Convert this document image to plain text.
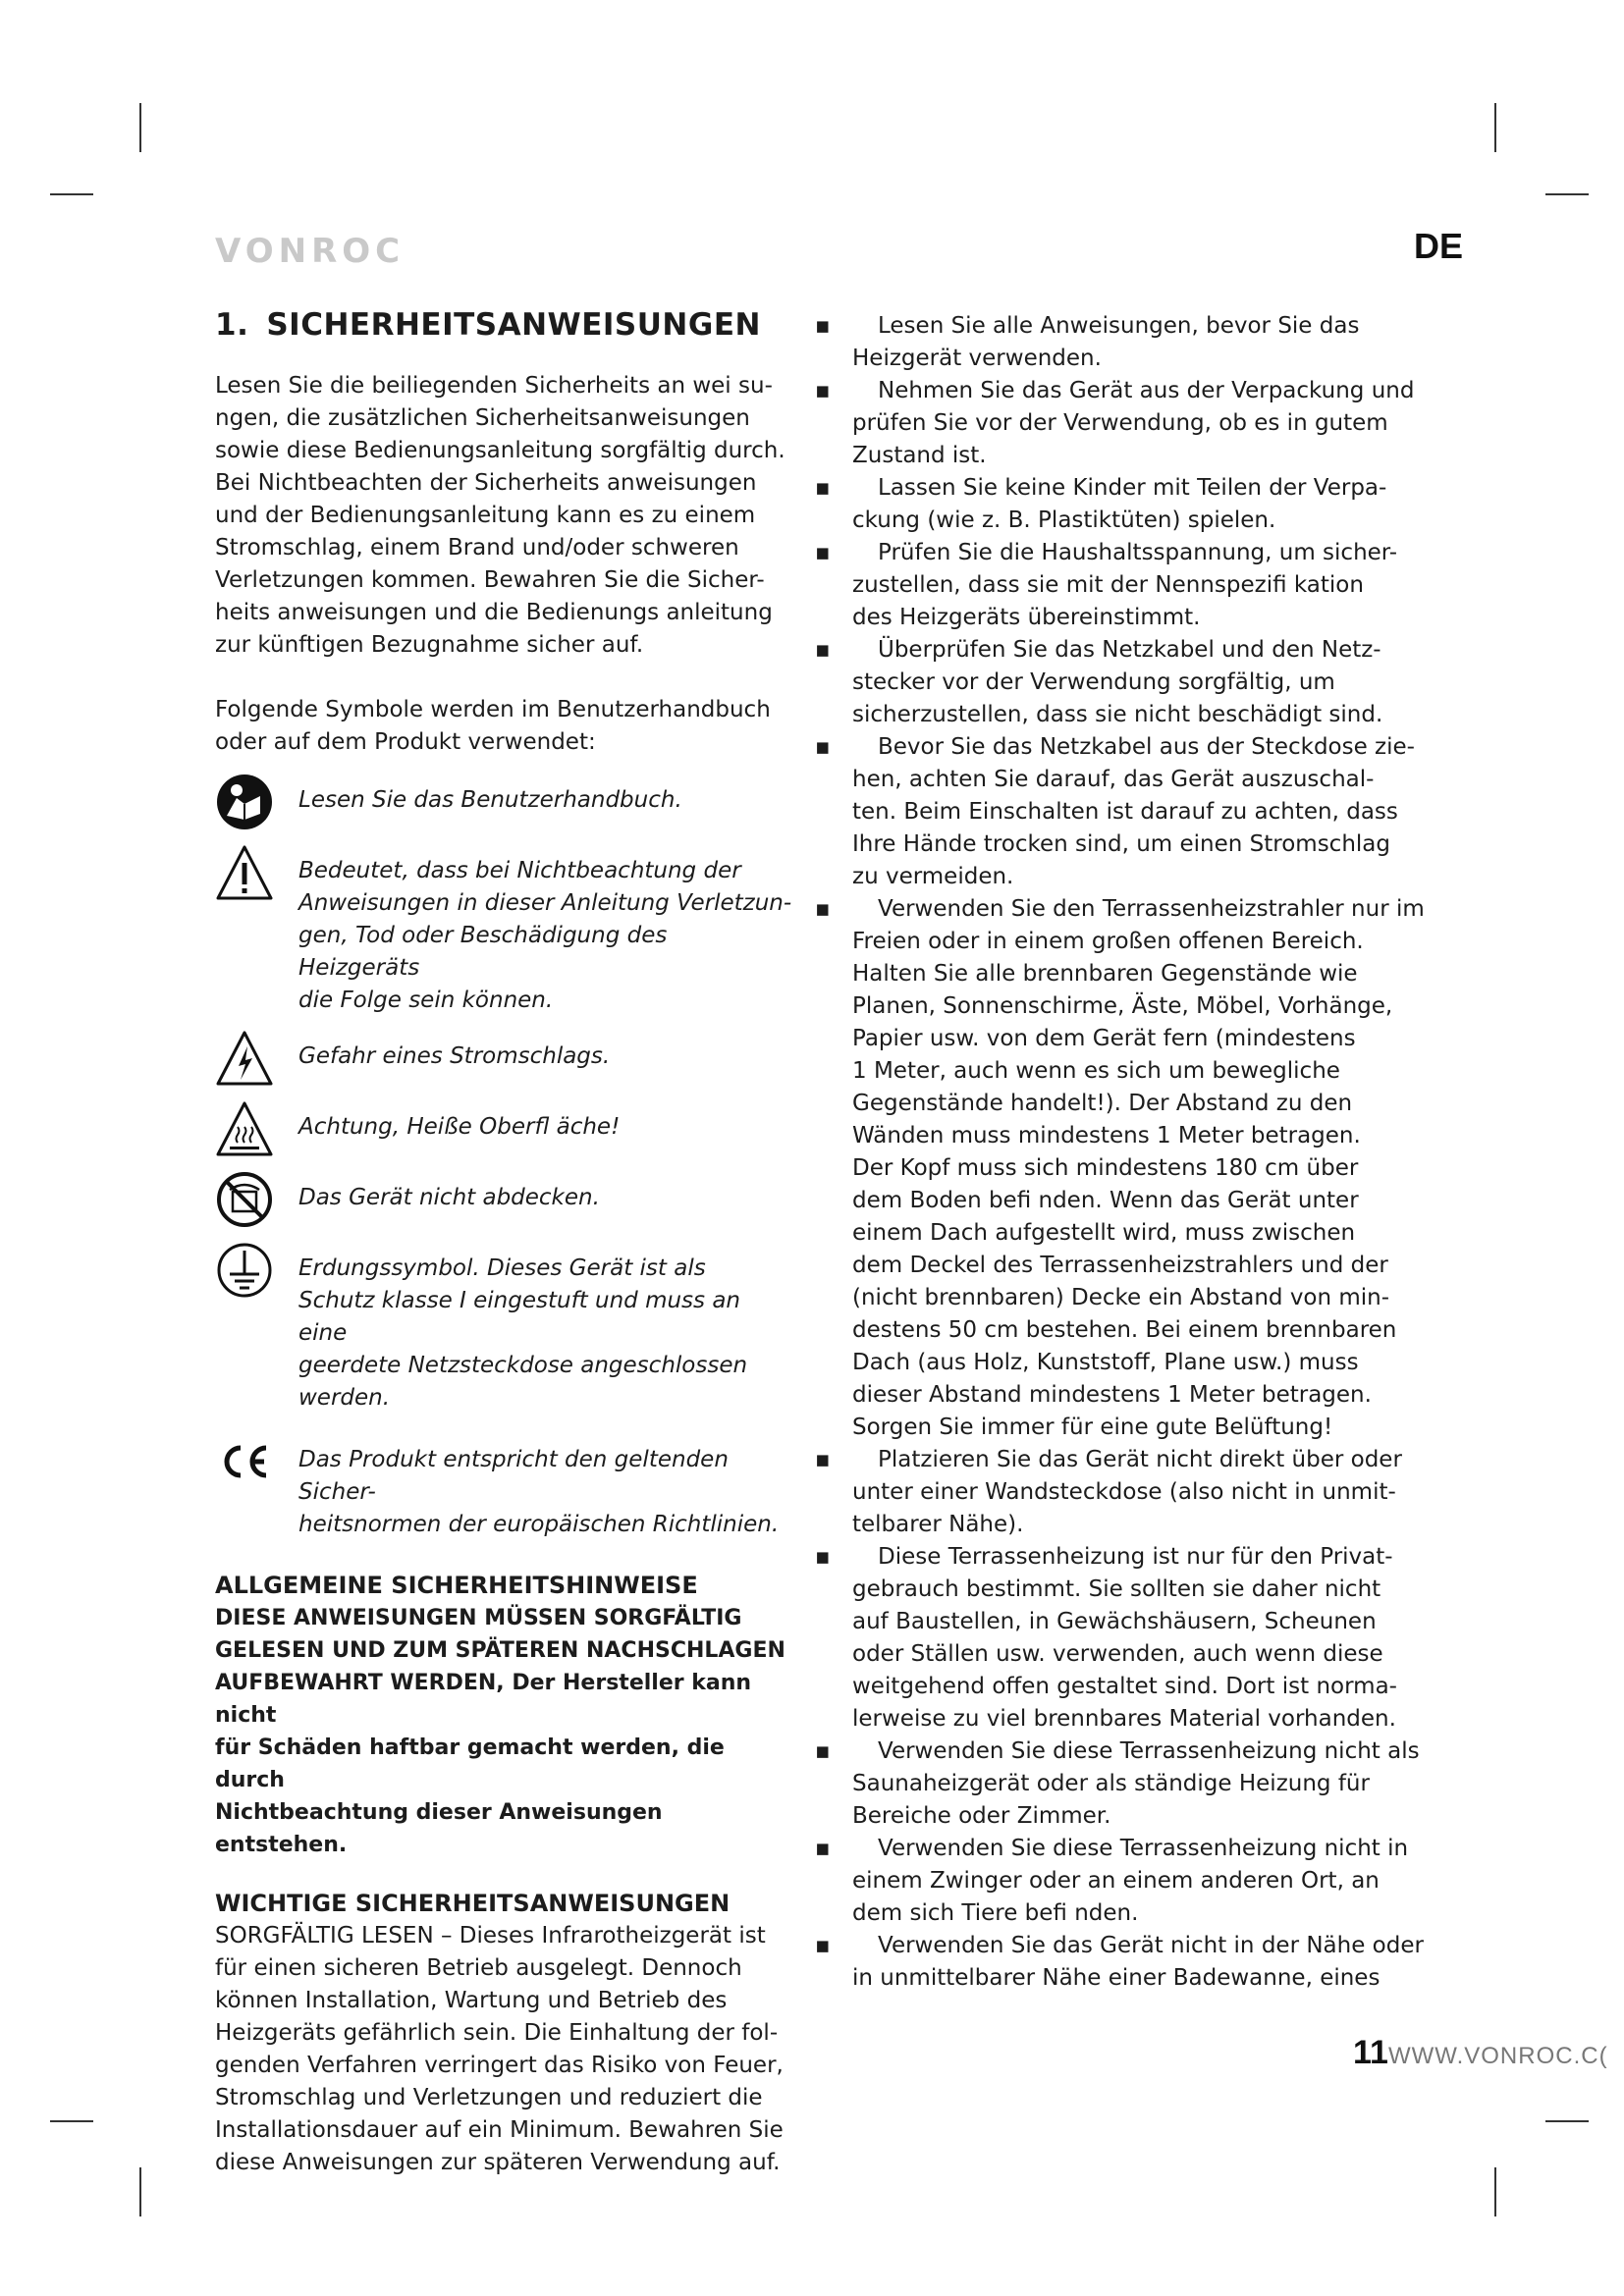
VONROC	DE
1. SICHERHEITSANWEISUNGEN

Lesen Sie die beiliegenden Sicherheits an wei su-

ngen, die zusätzlichen Sicherheitsanweisungen

sowie diese Bedienungsanleitung sorgfältig durch.

Bei Nichtbeachten der Sicherheits anweisungen

und der Bedienungsanleitung kann es zu einem

Stromschlag, einem Brand und/oder schweren

Verletzungen kommen. Bewahren Sie die Sicher-

heits anweisungen und die Bedienungs anleitung

zur künftigen Bezugnahme sicher auf.

Folgende Symbole werden im Benutzerhandbuch

oder auf dem Produkt verwendet:

Lesen Sie das Benutzerhandbuch.
Bedeutet, dass bei Nichtbeachtung der
Anweisungen in dieser Anleitung Verletzun-
gen, Tod oder Beschädigung des Heizgeräts
die Folge sein können.
Gefahr eines Stromschlags.
Achtung, Heiße Oberfl äche!
Das Gerät nicht abdecken.
Erdungssymbol. Dieses Gerät ist als
Schutz klasse I eingestuft und muss an eine
geerdete Netzsteckdose angeschlossen
werden.
Das Produkt entspricht den geltenden Sicher-
heitsnormen der europäischen Richtlinien.

ALLGEMEINE SICHERHEITSHINWEISE

DIESE ANWEISUNGEN MÜSSEN SORGFÄLTIG

GELESEN UND ZUM SPÄTEREN NACHSCHLAGEN

AUFBEWAHRT WERDEN, Der Hersteller kann nicht

für Schäden haftbar gemacht werden, die durch

Nichtbeachtung dieser Anweisungen entstehen.

WICHTIGE SICHERHEITSANWEISUNGEN

SORGFÄLTIG LESEN – Dieses Infrarotheizgerät ist

für einen sicheren Betrieb ausgelegt. Dennoch

können Installation, Wartung und Betrieb des

Heizgeräts gefährlich sein. Die Einhaltung der fol-

genden Verfahren verringert das Risiko von Feuer,

Stromschlag und Verletzungen und reduziert die

Installationsdauer auf ein Minimum. Bewahren Sie

diese Anweisungen zur späteren Verwendung auf.

▪	Lesen Sie alle Anweisungen, bevor Sie das
Heizgerät verwenden.
▪	Nehmen Sie das Gerät aus der Verpackung und
prüfen Sie vor der Verwendung, ob es in gutem
Zustand ist.
▪	Lassen Sie keine Kinder mit Teilen der Verpa-
ckung (wie z. B. Plastiktüten) spielen.
▪	Prüfen Sie die Haushaltsspannung, um sicher-
zustellen, dass sie mit der Nennspezifi kation
des Heizgeräts übereinstimmt.
▪	Überprüfen Sie das Netzkabel und den Netz-
stecker vor der Verwendung sorgfältig, um
sicherzustellen, dass sie nicht beschädigt sind.
▪	Bevor Sie das Netzkabel aus der Steckdose zie-
hen, achten Sie darauf, das Gerät auszuschal-
ten. Beim Einschalten ist darauf zu achten, dass
Ihre Hände trocken sind, um einen Stromschlag
zu vermeiden.
▪	Verwenden Sie den Terrassenheizstrahler nur im
Freien oder in einem großen offenen Bereich.
Halten Sie alle brennbaren Gegenstände wie
Planen, Sonnenschirme, Äste, Möbel, Vorhänge,
Papier usw. von dem Gerät fern (mindestens
1 Meter, auch wenn es sich um bewegliche
Gegenstände handelt!). Der Abstand zu den
Wänden muss mindestens 1 Meter betragen.
Der Kopf muss sich mindestens 180 cm über
dem Boden befi nden. Wenn das Gerät unter
einem Dach aufgestellt wird, muss zwischen
dem Deckel des Terrassenheizstrahlers und der
(nicht brennbaren) Decke ein Abstand von min-
destens 50 cm bestehen. Bei einem brennbaren
Dach (aus Holz, Kunststoff, Plane usw.) muss
dieser Abstand mindestens 1 Meter betragen.
Sorgen Sie immer für eine gute Belüftung!
▪	Platzieren Sie das Gerät nicht direkt über oder
unter einer Wandsteckdose (also nicht in unmit-
telbarer Nähe).
▪	Diese Terrassenheizung ist nur für den Privat-
gebrauch bestimmt. Sie sollten sie daher nicht
auf Baustellen, in Gewächshäusern, Scheunen
oder Ställen usw. verwenden, auch wenn diese
weitgehend offen gestaltet sind. Dort ist norma-
lerweise zu viel brennbares Material vorhanden.
▪	Verwenden Sie diese Terrassenheizung nicht als
Saunaheizgerät oder als ständige Heizung für
Bereiche oder Zimmer.
▪	Verwenden Sie diese Terrassenheizung nicht in
einem Zwinger oder an einem anderen Ort, an
dem sich Tiere befi nden.
▪	Verwenden Sie das Gerät nicht in der Nähe oder
in unmittelbarer Nähe einer Badewanne, eines
11WWW.VONROC.C(
